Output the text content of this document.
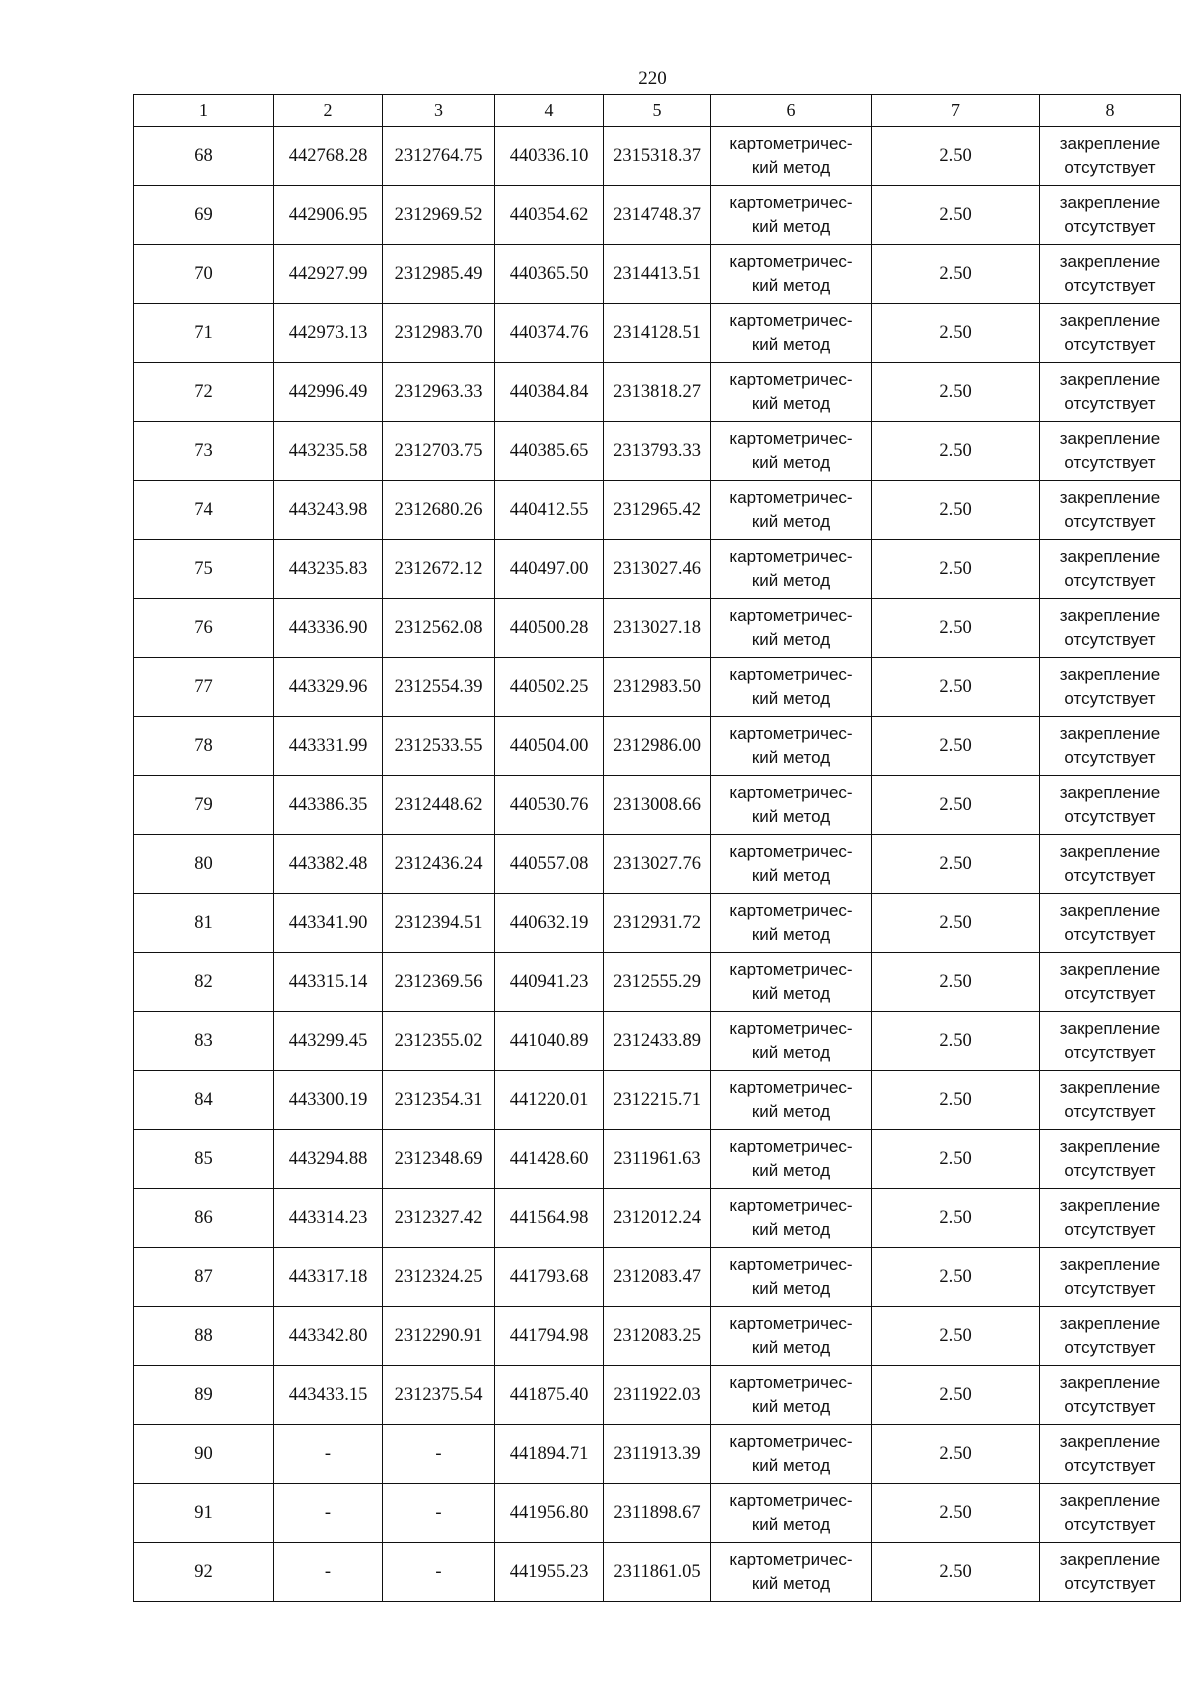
220
1	2	3	4	5	6	7	8
68	442768.28	2312764.75	440336.10	2315318.37	картометричес-
кий метод	2.50	закрепление
отсутствует

69	442906.95	2312969.52	440354.62	2314748.37	картометричес-
кий метод	2.50	закрепление
отсутствует

70	442927.99	2312985.49	440365.50	2314413.51	картометричес-
кий метод	2.50	закрепление
отсутствует

71	442973.13	2312983.70	440374.76	2314128.51	картометричес-
кий метод	2.50	закрепление
отсутствует

72	442996.49	2312963.33	440384.84	2313818.27	картометричес-
кий метод	2.50	закрепление
отсутствует

73	443235.58	2312703.75	440385.65	2313793.33	картометричес-
кий метод	2.50	закрепление
отсутствует

74	443243.98	2312680.26	440412.55	2312965.42	картометричес-
кий метод	2.50	закрепление
отсутствует

75	443235.83	2312672.12	440497.00	2313027.46	картометричес-
кий метод	2.50	закрепление
отсутствует

76	443336.90	2312562.08	440500.28	2313027.18	картометричес-
кий метод	2.50	закрепление
отсутствует

77	443329.96	2312554.39	440502.25	2312983.50	картометричес-
кий метод	2.50	закрепление
отсутствует

78	443331.99	2312533.55	440504.00	2312986.00	картометричес-
кий метод	2.50	закрепление
отсутствует

79	443386.35	2312448.62	440530.76	2313008.66	картометричес-
кий метод	2.50	закрепление
отсутствует

80	443382.48	2312436.24	440557.08	2313027.76	картометричес-
кий метод	2.50	закрепление
отсутствует

81	443341.90	2312394.51	440632.19	2312931.72	картометричес-
кий метод	2.50	закрепление
отсутствует

82	443315.14	2312369.56	440941.23	2312555.29	картометричес-
кий метод	2.50	закрепление
отсутствует

83	443299.45	2312355.02	441040.89	2312433.89	картометричес-
кий метод	2.50	закрепление
отсутствует

84	443300.19	2312354.31	441220.01	2312215.71	картометричес-
кий метод	2.50	закрепление
отсутствует

85	443294.88	2312348.69	441428.60	2311961.63	картометричес-
кий метод	2.50	закрепление
отсутствует

86	443314.23	2312327.42	441564.98	2312012.24	картометричес-
кий метод	2.50	закрепление
отсутствует

87	443317.18	2312324.25	441793.68	2312083.47	картометричес-
кий метод	2.50	закрепление
отсутствует

88	443342.80	2312290.91	441794.98	2312083.25	картометричес-
кий метод	2.50	закрепление
отсутствует

89	443433.15	2312375.54	441875.40	2311922.03	картометричес-
кий метод	2.50	закрепление
отсутствует

90	-	-	441894.71	2311913.39	картометричес-
кий метод	2.50	закрепление
отсутствует

91	-	-	441956.80	2311898.67	картометричес-
кий метод	2.50	закрепление
отсутствует

92	-	-	441955.23	2311861.05	картометричес-
кий метод	2.50	закрепление
отсутствует
